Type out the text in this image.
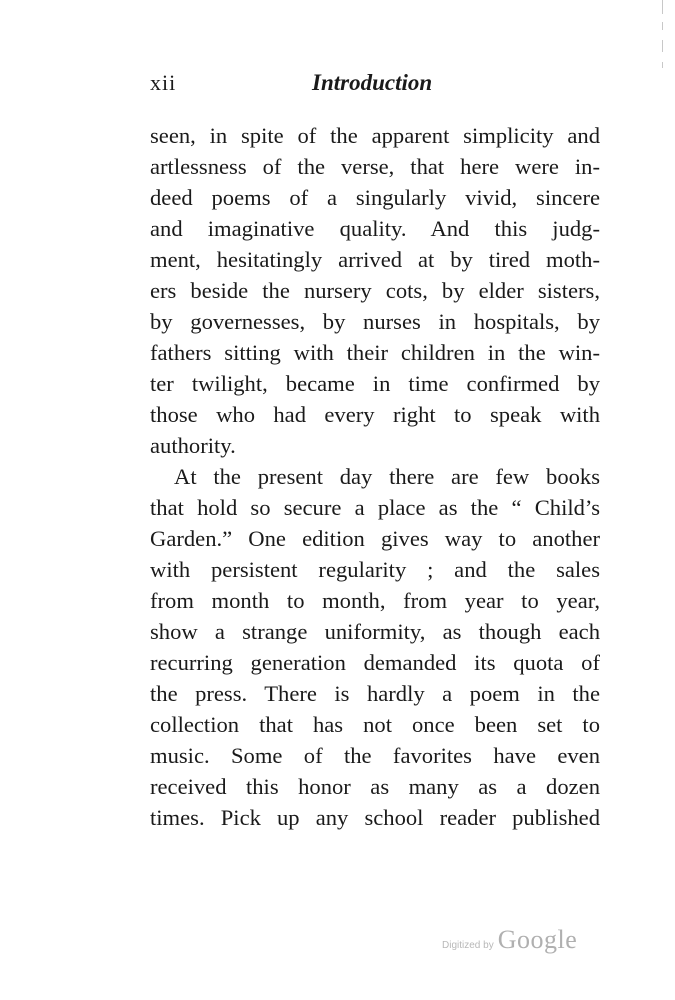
xii	Introduction
seen, in spite of the apparent simplicity and
artlessness of the verse, that here were in-
deed poems of a singularly vivid, sincere
and imaginative quality. And this judg-
ment, hesitatingly arrived at by tired moth-
ers beside the nursery cots, by elder sisters,
by governesses, by nurses in hospitals, by
fathers sitting with their children in the win-
ter twilight, became in time confirmed by
those who had every right to speak with
authority.
At the present day there are few books
that hold so secure a place as the “ Child’s
Garden.” One edition gives way to another
with persistent regularity ; and the sales
from month to month, from year to year,
show a strange uniformity, as though each
recurring generation demanded its quota of
the press. There is hardly a poem in the
collection that has not once been set to
music. Some of the favorites have even
received this honor as many as a dozen
times. Pick up any school reader published
Digitized by Google
